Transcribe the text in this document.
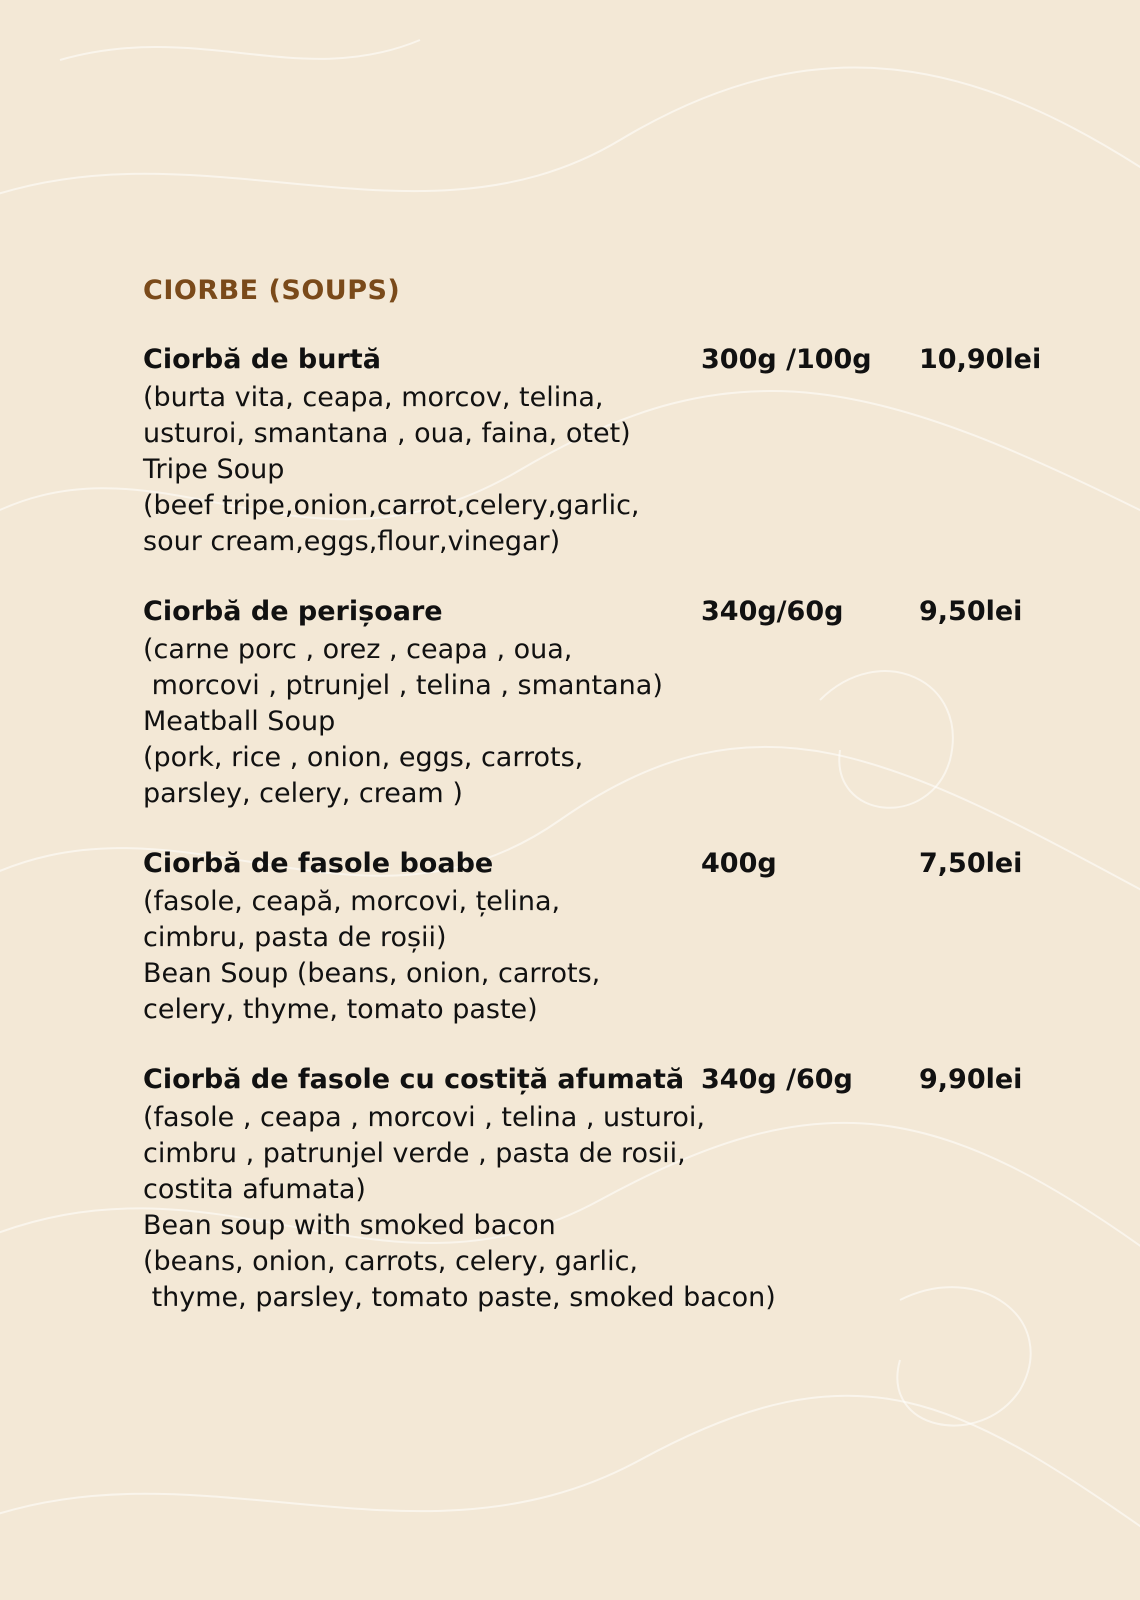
CIORBE (SOUPS)
Ciorbă de burtă	300g /100g	10,90lei
(burta vita, ceapa, morcov, telina,
usturoi, smantana , oua, faina, otet)
Tripe Soup
(beef tripe,onion,carrot,celery,garlic,
sour cream,eggs,flour,vinegar)
Ciorbă de perișoare	340g/60g	9,50lei
(carne porc , orez , ceapa , oua,
morcovi , ptrunjel , telina , smantana)
Meatball Soup
(pork, rice , onion, eggs, carrots,
parsley, celery, cream )
Ciorbă de fasole boabe	400g	7,50lei
(fasole, ceapă, morcovi, țelina,
cimbru, pasta de roșii)
Bean Soup (beans, onion, carrots,
celery, thyme, tomato paste)
Ciorbă de fasole cu costiță afumată 340g /60g	9,90lei
(fasole , ceapa , morcovi , telina , usturoi,
cimbru , patrunjel verde , pasta de rosii,
costita afumata)
Bean soup with smoked bacon
(beans, onion, carrots, celery, garlic,
thyme, parsley, tomato paste, smoked bacon)
